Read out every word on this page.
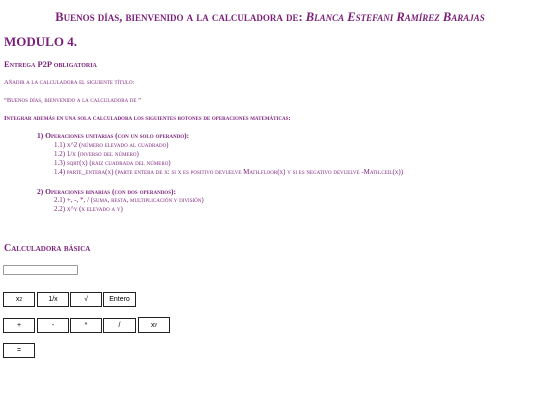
Buenos días, bienvenido a la calculadora de: Blanca Estefani Ramírez Barajas
MODULO 4.
Entrega P2P obligatoria
Añadir a la calculadora el siguiente título:
“Buenos días, bienvenido a la calculadora de ”
Integrar además en una sola calculadora los siguientes botones de operaciones matemáticas:
1) Operaciones unitarias (con un solo operando):
1.1) x^2 (número elevado al cuadrado)
1.2) 1/x (inverso del número)
1.3) sqrt(x) (raiz cuadrada del número)
1.4) parte_entera(x) (parte entera de x: si x es positivo devuelve Math.floor(x) y si es negativo devuelve -Math.ceil(x))
2) Operaciones binarias (con dos operandos):
2.1) +, -, *, / (suma, resta, multiplicación y división)
2.2) x^y (x elevado a y)
Calculadora básica
x 2	1/x	√	Entero
+	-	*	/	x y
=
